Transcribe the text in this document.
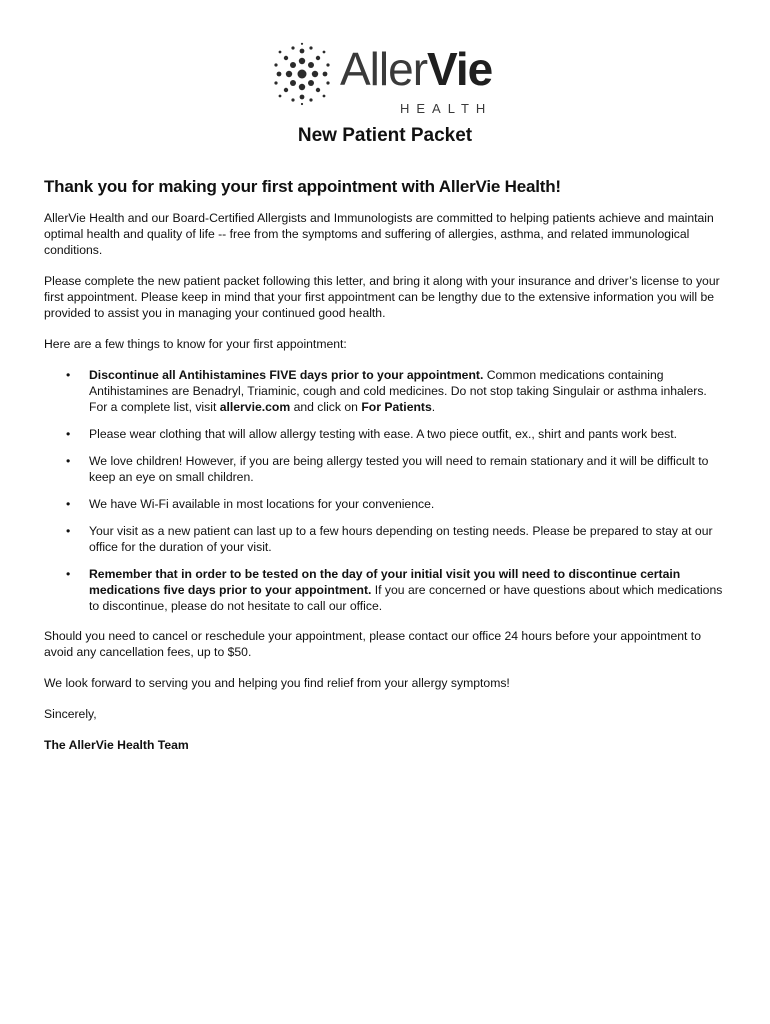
AllerVie
HEALTH
New Patient Packet
Thank you for making your first appointment with AllerVie Health!

AllerVie Health and our Board-Certified Allergists and Immunologists are committed to helping patients achieve and maintain optimal health and quality of life -- free from the symptoms and suffering of allergies, asthma, and related immunological conditions.

Please complete the new patient packet following this letter, and bring it along with your insurance and driver’s license to your first appointment. Please keep in mind that your first appointment can be lengthy due to the extensive information you will be provided to assist you in managing your continued good health.

Here are a few things to know for your first appointment:

• Discontinue all Antihistamines FIVE days prior to your appointment. Common medications containing Antihistamines are Benadryl, Triaminic, cough and cold medicines. Do not stop taking Singulair or asthma inhalers. For a complete list, visit allervie.com and click on For Patients.
• Please wear clothing that will allow allergy testing with ease. A two piece outfit, ex., shirt and pants work best.
• We love children! However, if you are being allergy tested you will need to remain stationary and it will be difficult to keep an eye on small children.
• We have Wi-Fi available in most locations for your convenience.
• Your visit as a new patient can last up to a few hours depending on testing needs. Please be prepared to stay at our office for the duration of your visit.
• Remember that in order to be tested on the day of your initial visit you will need to discontinue certain medications five days prior to your appointment. If you are concerned or have questions about which medications to discontinue, please do not hesitate to call our office.

Should you need to cancel or reschedule your appointment, please contact our office 24 hours before your appointment to avoid any cancellation fees, up to $50.

We look forward to serving you and helping you find relief from your allergy symptoms!

Sincerely,

The AllerVie Health Team
